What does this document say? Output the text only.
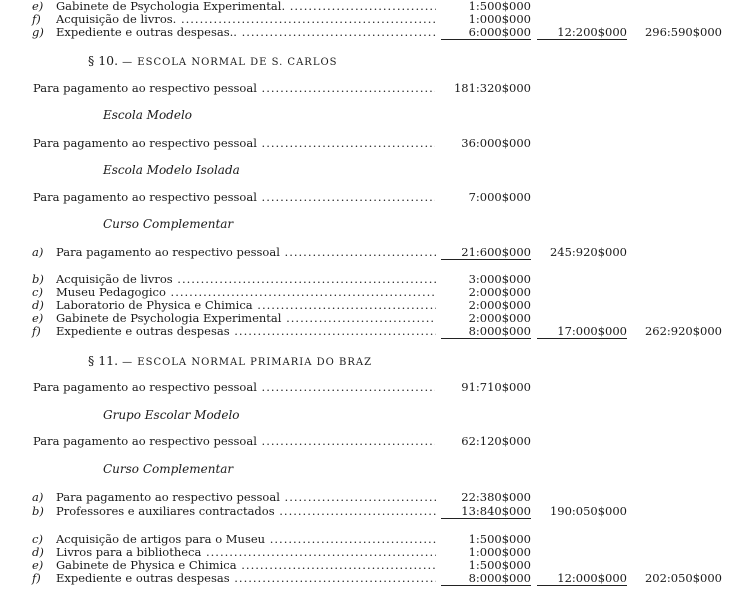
e) Gabinete de Psychologia Experimental. .....	1:500$000
f) Acquisição de livros. .....	1:000$000
g) Expediente e outras despesas.. .....	6:000$000	12:200$000	296:590$000
§ 10. — ESCOLA NORMAL DE S. CARLOS
Para pagamento ao respectivo pessoal .....	181:320$000
Escola Modelo
Para pagamento ao respectivo pessoal .....	36:000$000
Escola Modelo Isolada
Para pagamento ao respectivo pessoal .....	7:000$000
Curso Complementar
a) Para pagamento ao respectivo pessoal .....	21:600$000	245:920$000
b) Acquisição de livros .....	3:000$000
c) Museu Pedagogico .....	2:000$000
d) Laboratorio de Physica e Chimica .....	2:000$000
e) Gabinete de Psychologia Experimental .....	2:000$000
f) Expediente e outras despesas .....	8:000$000	17:000$000	262:920$000
§ 11. — ESCOLA NORMAL PRIMARIA DO BRAZ
Para pagamento ao respectivo pessoal .....	91:710$000
Grupo Escolar Modelo
Para pagamento ao respectivo pessoal .....	62:120$000
Curso Complementar
a) Para pagamento ao respectivo pessoal .....	22:380$000
b) Professores e auxiliares contractados .....	13:840$000	190:050$000
c) Acquisição de artigos para o Museu .....	1:500$000
d) Livros para a bibliotheca .....	1:000$000
e) Gabinete de Physica e Chimica .....	1:500$000
f) Expediente e outras despesas .....	8:000$000	12:000$000	202:050$000
